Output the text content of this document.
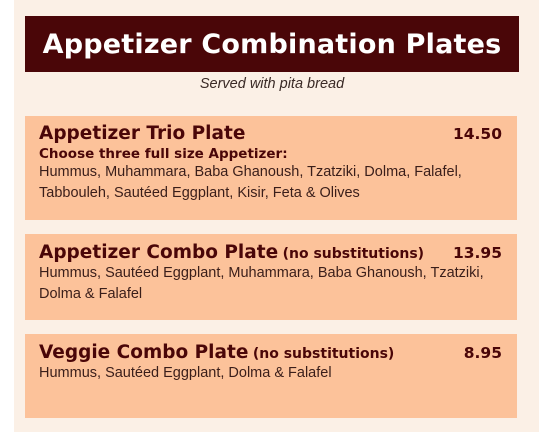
Appetizer Combination Plates
Served with pita bread
Appetizer Trio Plate	14.50
Choose three full size Appetizer:
Hummus, Muhammara, Baba Ghanoush, Tzatziki, Dolma, Falafel, Tabbouleh, Sautéed Eggplant, Kisir, Feta & Olives
Appetizer Combo Plate (no substitutions) 13.95
Hummus, Sautéed Eggplant, Muhammara, Baba Ghanoush, Tzatziki, Dolma & Falafel
Veggie Combo Plate (no substitutions)	8.95
Hummus, Sautéed Eggplant, Dolma & Falafel
